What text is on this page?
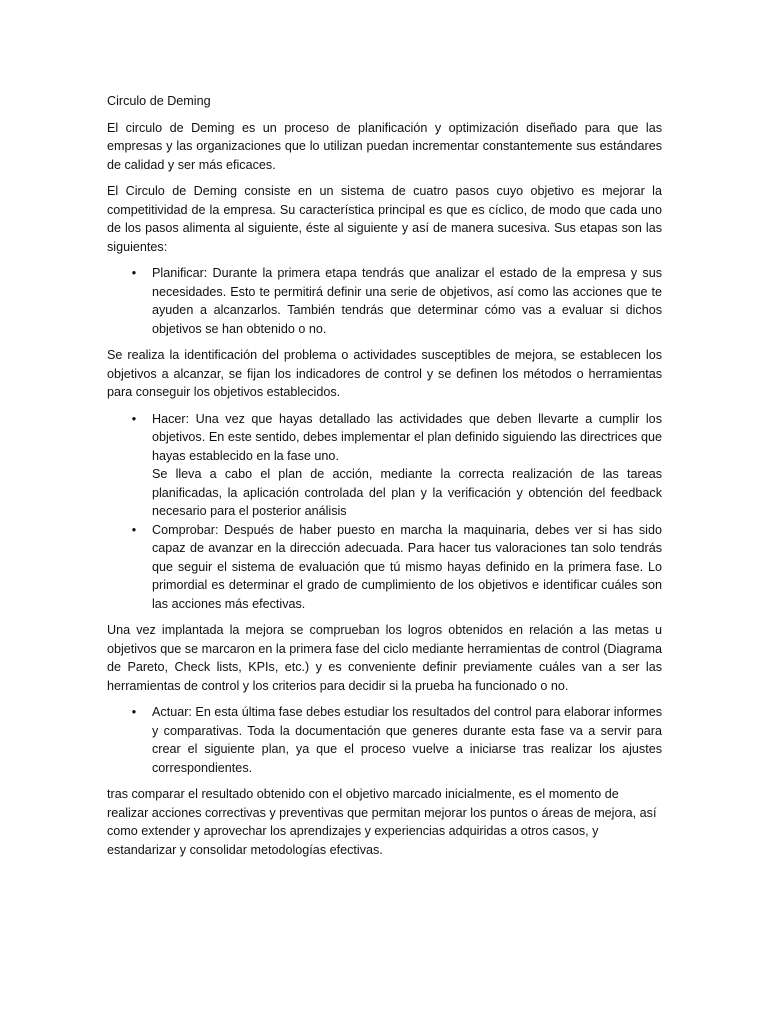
Circulo de Deming

El circulo de Deming es un proceso de planificación y optimización diseñado para que las empresas y las organizaciones que lo utilizan puedan incrementar constantemente sus estándares de calidad y ser más eficaces.

El Circulo de Deming consiste en un sistema de cuatro pasos cuyo objetivo es mejorar la competitividad de la empresa. Su característica principal es que es cíclico, de modo que cada uno de los pasos alimenta al siguiente, éste al siguiente y así de manera sucesiva. Sus etapas son las siguientes:

• Planificar: Durante la primera etapa tendrás que analizar el estado de la empresa y sus necesidades. Esto te permitirá definir una serie de objetivos, así como las acciones que te ayuden a alcanzarlos. También tendrás que determinar cómo vas a evaluar si dichos objetivos se han obtenido o no.

Se realiza la identificación del problema o actividades susceptibles de mejora, se establecen los objetivos a alcanzar, se fijan los indicadores de control y se definen los métodos o herramientas para conseguir los objetivos establecidos.

• Hacer: Una vez que hayas detallado las actividades que deben llevarte a cumplir los objetivos. En este sentido, debes implementar el plan definido siguiendo las directrices que hayas establecido en la fase uno.
Se lleva a cabo el plan de acción, mediante la correcta realización de las tareas planificadas, la aplicación controlada del plan y la verificación y obtención del feedback necesario para el posterior análisis
• Comprobar: Después de haber puesto en marcha la maquinaria, debes ver si has sido capaz de avanzar en la dirección adecuada. Para hacer tus valoraciones tan solo tendrás que seguir el sistema de evaluación que tú mismo hayas definido en la primera fase. Lo primordial es determinar el grado de cumplimiento de los objetivos e identificar cuáles son las acciones más efectivas.

Una vez implantada la mejora se comprueban los logros obtenidos en relación a las metas u objetivos que se marcaron en la primera fase del ciclo mediante herramientas de control (Diagrama de Pareto, Check lists, KPIs, etc.) y es conveniente definir previamente cuáles van a ser las herramientas de control y los criterios para decidir si la prueba ha funcionado o no.

• Actuar: En esta última fase debes estudiar los resultados del control para elaborar informes y comparativas. Toda la documentación que generes durante esta fase va a servir para crear el siguiente plan, ya que el proceso vuelve a iniciarse tras realizar los ajustes correspondientes.

tras comparar el resultado obtenido con el objetivo marcado inicialmente, es el momento de realizar acciones correctivas y preventivas que permitan mejorar los puntos o áreas de mejora, así como extender y aprovechar los aprendizajes y experiencias adquiridas a otros casos, y estandarizar y consolidar metodologías efectivas.
